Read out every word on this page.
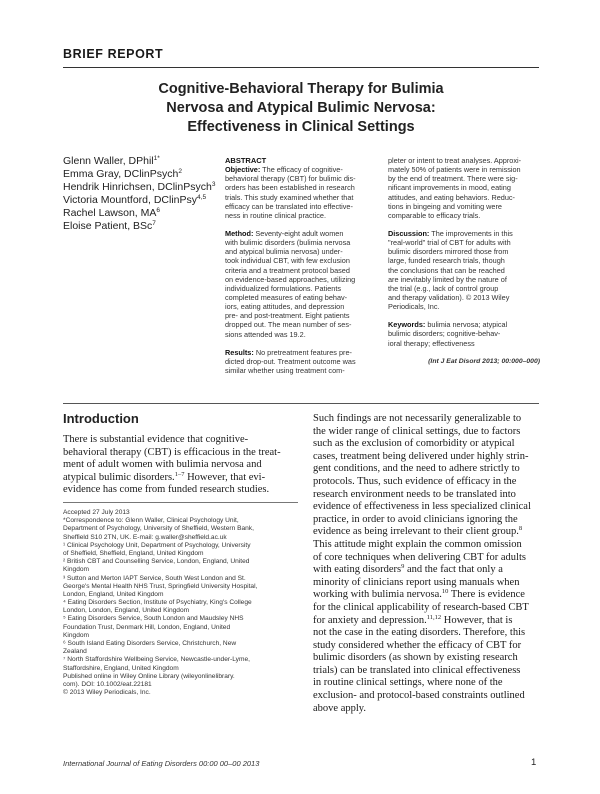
BRIEF REPORT
Cognitive-Behavioral Therapy for Bulimia
Nervosa and Atypical Bulimic Nervosa:
Effectiveness in Clinical Settings
Glenn Waller, DPhil$^{1*}$
Emma Gray, DClinPsych$^2$
Hendrik Hinrichsen, DClinPsych$^3$
Victoria Mountford, DClinPsy$^{4,5}$
Rachel Lawson, $MA^6$
Eloise Patient, BSc$^7$
ABSTRACT
Objective: The efficacy of cognitive-
behavioral therapy (CBT) for bulimic dis-
orders has been established in research
trials. This study examined whether that
efficacy can be translated into effective-
ness in routine clinical practice.
Method: Seventy-eight adult women
with bulimic disorders (bulimia nervosa
and atypical bulimia nervosa) under-
took individual CBT, with few exclusion
criteria and a treatment protocol based
on evidence-based approaches, utilizing
individualized formulations. Patients
completed measures of eating behav-
iors, eating attitudes, and depression
pre- and post-treatment. Eight patients
dropped out. The mean number of ses-
sions attended was 19.2.
Results: No pretreatment features pre-
dicted drop-out. Treatment outcome was
similar whether using treatment com-
pleter or intent to treat analyses. Approxi-
mately 50% of patients were in remission
by the end of treatment. There were sig-
nificant improvements in mood, eating
attitudes, and eating behaviors. Reduc-
tions in bingeing and vomiting were
comparable to efficacy trials.
Discussion: The improvements in this
"real-world" trial of CBT for adults with
bulimic disorders mirrored those from
large, funded research trials, though
the conclusions that can be reached
are inevitably limited by the nature of
the trial (e.g., lack of control group
and therapy validation). © 2013 Wiley
Periodicals, Inc.
Keywords: bulimia nervosa; atypical
bulimic disorders; cognitive-behav-
ioral therapy; effectiveness
(Int J Eat Disord 2013; 00:000–000)
Introduction
There is substantial evidence that cognitive-
behavioral therapy (CBT) is efficacious in the treat-
ment of adult women with bulimia nervosa and
atypical bulimic disorders.$^{1-7}$ However, that evi-
evidence has come from funded research studies.
Such findings are not necessarily generalizable to
the wider range of clinical settings, due to factors
such as the exclusion of comorbidity or atypical
cases, treatment being delivered under highly strin-
gent conditions, and the need to adhere strictly to
protocols. Thus, such evidence of efficacy in the
research environment needs to be translated into
evidence of effectiveness in less specialized clinical
practice, in order to avoid clinicians ignoring the
evidence as being irrelevant to their client group.$^8$
This attitude might explain the common omission
of core techniques when delivering CBT for adults
with eating disorders$^9$ and the fact that only a
minority of clinicians report using manuals when
working with bulimia nervosa.$^{10}$ There is evidence
for the clinical applicability of research-based CBT
for anxiety and depression.$^{11,12}$ However, that is
not the case in the eating disorders. Therefore, this
study considered whether the efficacy of CBT for
bulimic disorders (as shown by existing research
trials) can be translated into clinical effectiveness
in routine clinical settings, where none of the
exclusion- and protocol-based constraints outlined
above apply.
Accepted 27 July 2013
*Correspondence to: Glenn Waller, Clinical Psychology Unit,
Department of Psychology, University of Sheffield, Western Bank,
Sheffield S10 2TN, UK. E-mail: g.waller@sheffield.ac.uk
¹ Clinical Psychology Unit, Department of Psychology, University
of Sheffield, Sheffield, England, United Kingdom
² British CBT and Counselling Service, London, England, United
Kingdom
³ Sutton and Merton IAPT Service, South West London and St.
George's Mental Health NHS Trust, Springfield University Hospital,
London, England, United Kingdom
⁴ Eating Disorders Section, Institute of Psychiatry, King's College
London, London, England, United Kingdom
⁵ Eating Disorders Service, South London and Maudsley NHS
Foundation Trust, Denmark Hill, London, England, United
Kingdom
⁶ South Island Eating Disorders Service, Christchurch, New
Zealand
⁷ North Staffordshire Wellbeing Service, Newcastle-under-Lyme,
Staffordshire, England, United Kingdom
Published online in Wiley Online Library (wileyonlinelibrary.
com). DOI: 10.1002/eat.22181
© 2013 Wiley Periodicals, Inc.
International Journal of Eating Disorders 00:00 00–00 2013	1
